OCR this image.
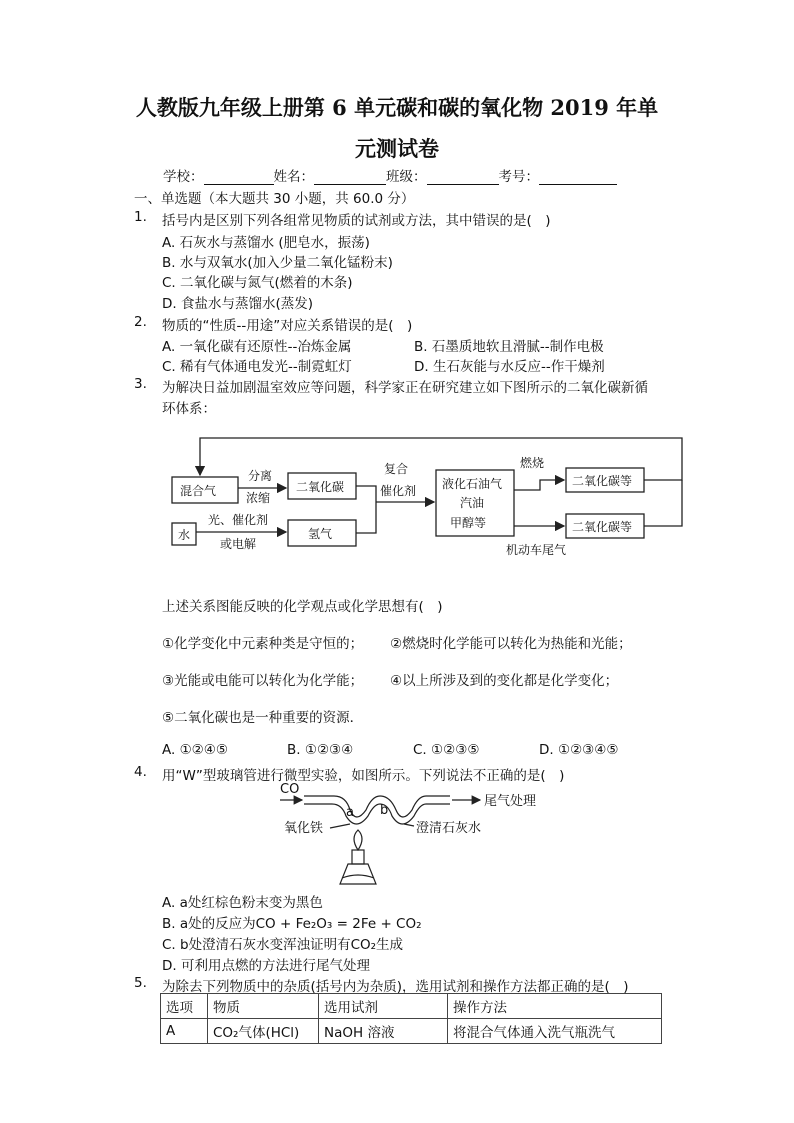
人教版九年级上册第 6 单元碳和碳的氧化物 2019 年单
元测试卷
学校：	姓名：	班级：	考号：
一、单选题（本大题共 30 小题，共 60.0 分）
1. 括号内是区别下列各组常见物质的试剂或方法，其中错误的是(　)
A. 石灰水与蒸馏水 (肥皂水，振荡)
B. 水与双氧水(加入少量二氧化锰粉末)
C. 二氧化碳与氮气(燃着的木条)
D. 食盐水与蒸馏水(蒸发)
2. 物质的“性质--用途”对应关系错误的是(　)
A. 一氧化碳有还原性--冶炼金属	B. 石墨质地软且滑腻--制作电极
C. 稀有气体通电发光--制霓虹灯	D. 生石灰能与水反应--作干燥剂
3. 为解决日益加剧温室效应等问题，科学家正在研究建立如下图所示的二氧化碳新循
环体系：
混合气
水
二氧化碳
氢气
液化石油气
汽油
甲醇等
二氧化碳等
二氧化碳等
分离
浓缩
光、催化剂
或电解
复合
催化剂
燃烧
机动车尾气
上述关系图能反映的化学观点或化学思想有(　)
①化学变化中元素种类是守恒的； ②燃烧时化学能可以转化为热能和光能；
③光能或电能可以转化为化学能； ④以上所涉及到的变化都是化学变化；
⑤二氧化碳也是一种重要的资源．
A. ①②④⑤	B. ①②③④	C. ①②③⑤	D. ①②③④⑤
4. 用“W”型玻璃管进行微型实验，如图所示。下列说法不正确的是(　)
CO
a b
尾气处理
氧化铁	澄清石灰水
A. a处红棕色粉末变为黑色
B. a处的反应为CO + Fe₂O₃ = 2Fe + CO₂
C. b处澄清石灰水变浑浊证明有CO₂生成
D. 可利用点燃的方法进行尾气处理
5. 为除去下列物质中的杂质(括号内为杂质)，选用试剂和操作方法都正确的是(　)
选项	物质	选用试剂	操作方法
A	CO₂气体(HCl)	NaOH 溶液	将混合气体通入洗气瓶洗气
